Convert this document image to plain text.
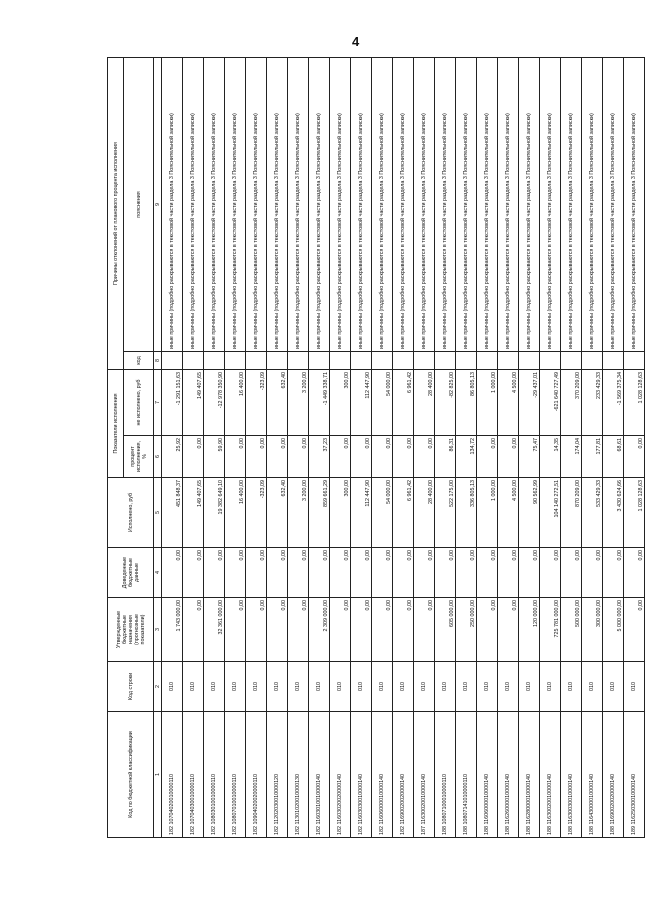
4
Код по бюджетной классификации	Код строки	Утвержденные бюджетные назначения (прогнозные показатели)	Доведенные бюджетные данные	Исполнено, руб	Показатели исполнения		Причины отклонений от планового процента исполнения	
					процент исполнения, %	не исполнено, руб	код	пояснения
1	2	3	4	5	6	7	8	9
182 10704020010000110	010	1 743 000,00	0,00	451 848,37	25,92	-1 291 151,63		иные причины (подробно раскрываются в текстовой части раздела 3 Пояснительной записки)
182 10704030010000110	010	0,00	0,00	149 407,65	0,00	149 407,65		иные причины (подробно раскрываются в текстовой части раздела 3 Пояснительной записки)
182 10803010010000110	010	32 361 000,00	0,00	19 382 649,10	59,90	-12 978 350,90		иные причины (подробно раскрываются в текстовой части раздела 3 Пояснительной записки)
182 10807010010000110	010	0,00	0,00	16 400,00	0,00	16 400,00		иные причины (подробно раскрываются в текстовой части раздела 3 Пояснительной записки)
182 10904020020000110	010	0,00	0,00	-323,09	0,00	-323,09		иные причины (подробно раскрываются в текстовой части раздела 3 Пояснительной записки)
182 11202030010000120	010	0,00	0,00	632,40	0,00	632,40		иные причины (подробно раскрываются в текстовой части раздела 3 Пояснительной записки)
182 11301020010000130	010	0,00	0,00	3 200,00	0,00	3 200,00		иные причины (подробно раскрываются в текстовой части раздела 3 Пояснительной записки)
182 11603010010000140	010	2 309 000,00	0,00	859 661,29	37,23	-1 449 338,71		иные причины (подробно раскрываются в текстовой части раздела 3 Пояснительной записки)
182 11603020020000140	010	0,00	0,00	300,00	0,00	300,00		иные причины (подробно раскрываются в текстовой части раздела 3 Пояснительной записки)
182 11603030010000140	010	0,00	0,00	112 447,90	0,00	112 447,90		иные причины (подробно раскрываются в текстовой части раздела 3 Пояснительной записки)
182 11606000010000140	010	0,00	0,00	54 000,00	0,00	54 000,00		иные причины (подробно раскрываются в текстовой части раздела 3 Пояснительной записки)
182 11690020020000140	010	0,00	0,00	6 961,42	0,00	6 961,42		иные причины (подробно раскрываются в текстовой части раздела 3 Пояснительной записки)
187 11630020010000140	010	0,00	0,00	28 400,00	0,00	28 400,00		иные причины (подробно раскрываются в текстовой части раздела 3 Пояснительной записки)
188 10807100010000110	010	605 000,00	0,00	522 175,00	86,31	-82 825,00		иные причины (подробно раскрываются в текстовой части раздела 3 Пояснительной записки)
188 10807141010000110	010	250 000,00	0,00	336 805,13	134,72	86 805,13		иные причины (подробно раскрываются в текстовой части раздела 3 Пояснительной записки)
188 11606000010000140	010	0,00	0,00	1 000,00	0,00	1 000,00		иные причины (подробно раскрываются в текстовой части раздела 3 Пояснительной записки)
188 11626000010000140	010	0,00	0,00	4 500,00	0,00	4 500,00		иные причины (подробно раскрываются в текстовой части раздела 3 Пояснительной записки)
188 11628000010000140	010	120 000,00	0,00	90 562,99	75,47	-29 437,01		иные причины (подробно раскрываются в текстовой части раздела 3 Пояснительной записки)
188 11630020010000140	010	725 781 000,00	0,00	104 140 272,51	14,35	-621 640 727,49		иные причины (подробно раскрываются в текстовой части раздела 3 Пояснительной записки)
188 11630030010000140	010	500 000,00	0,00	870 209,00	174,04	370 209,00		иные причины (подробно раскрываются в текстовой части раздела 3 Пояснительной записки)
188 11643000010000140	010	300 000,00	0,00	533 429,33	177,81	233 429,33		иные причины (подробно раскрываются в текстовой части раздела 3 Пояснительной записки)
188 11690020020000140	010	5 000 000,00	0,00	3 430 624,66	68,61	-1 569 375,34		иные причины (подробно раскрываются в текстовой части раздела 3 Пояснительной записки)
189 11625030010000140	010	0,00	0,00	1 028 128,63	0,00	1 028 128,63		иные причины (подробно раскрываются в текстовой части раздела 3 Пояснительной записки)
